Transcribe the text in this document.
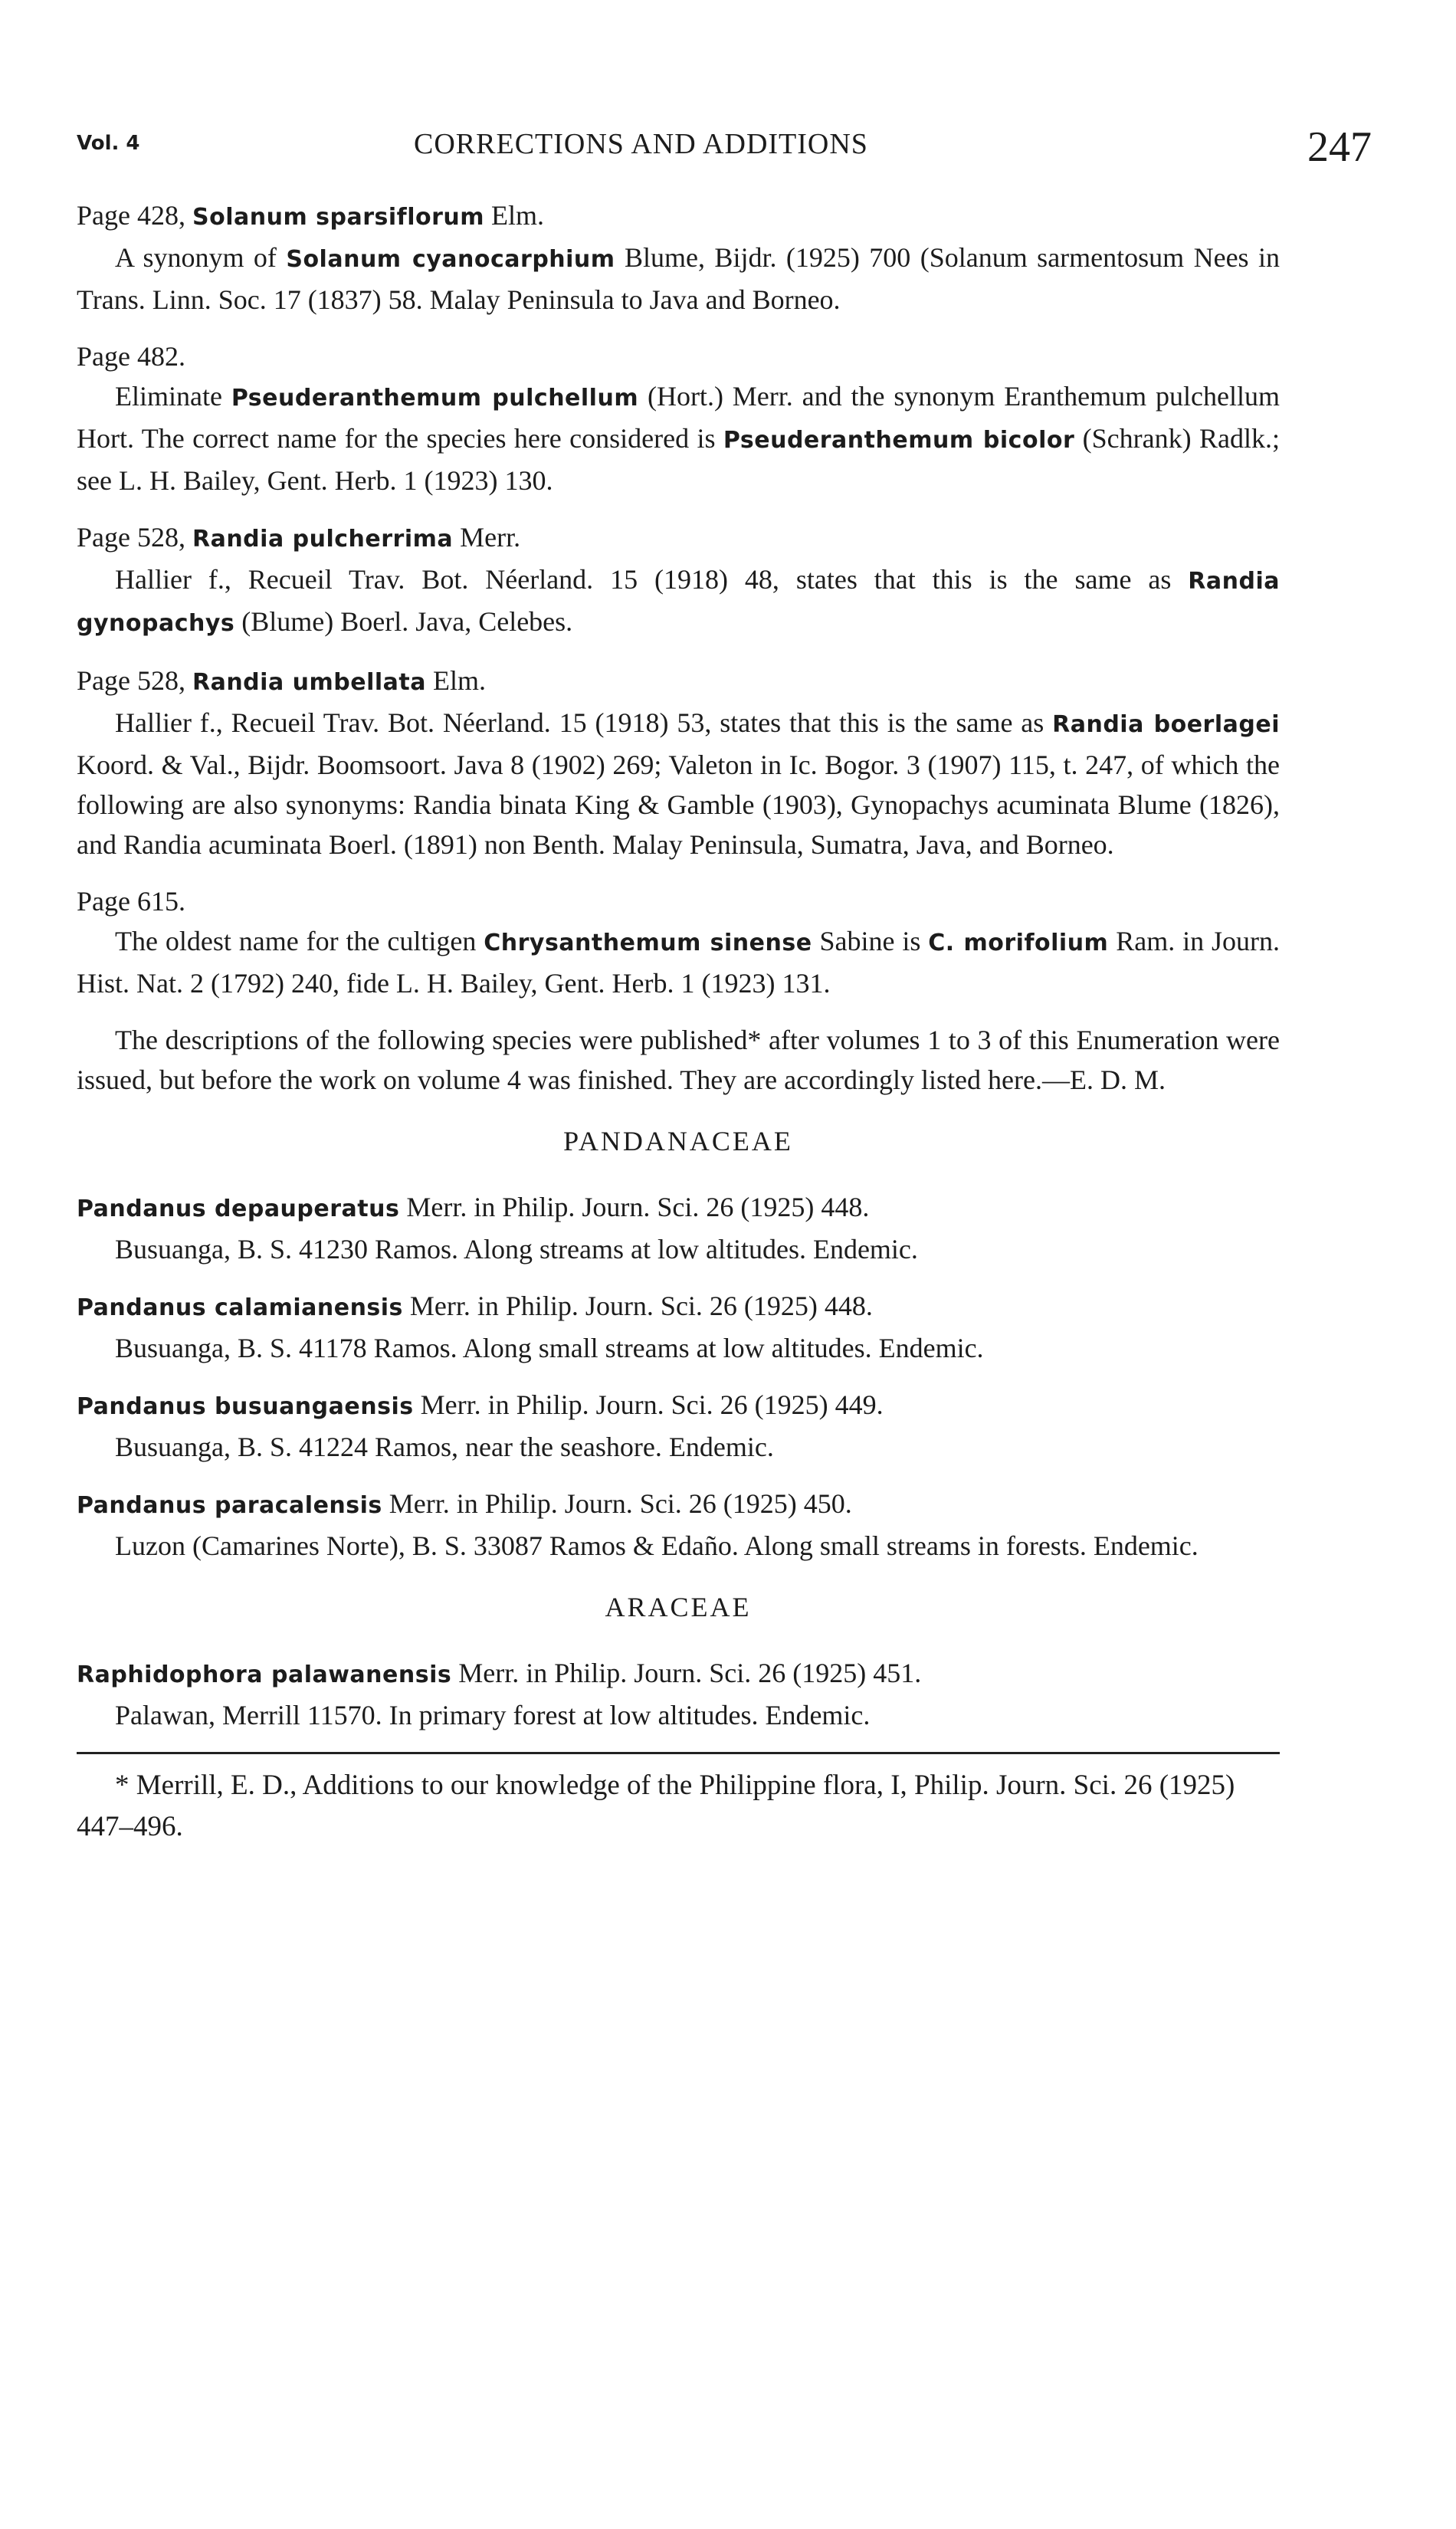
Vol. 4	CORRECTIONS AND ADDITIONS	247
Page 428, Solanum sparsiflorum Elm.
A synonym of Solanum cyanocarphium Blume, Bijdr. (1925) 700 (Solanum sarmentosum Nees in Trans. Linn. Soc. 17 (1837) 58. Malay Peninsula to Java and Borneo.
Page 482.
Eliminate Pseuderanthemum pulchellum (Hort.) Merr. and the synonym Eranthemum pulchellum Hort. The correct name for the species here considered is Pseuderanthemum bicolor (Schrank) Radlk.; see L. H. Bailey, Gent. Herb. 1 (1923) 130.
Page 528, Randia pulcherrima Merr.
Hallier f., Recueil Trav. Bot. Néerland. 15 (1918) 48, states that this is the same as Randia gynopachys (Blume) Boerl. Java, Celebes.
Page 528, Randia umbellata Elm.
Hallier f., Recueil Trav. Bot. Néerland. 15 (1918) 53, states that this is the same as Randia boerlagei Koord. & Val., Bijdr. Boomsoort. Java 8 (1902) 269; Valeton in Ic. Bogor. 3 (1907) 115, t. 247, of which the following are also synonyms: Randia binata King & Gamble (1903), Gynopachys acuminata Blume (1826), and Randia acuminata Boerl. (1891) non Benth. Malay Peninsula, Sumatra, Java, and Borneo.
Page 615.
The oldest name for the cultigen Chrysanthemum sinense Sabine is C. morifolium Ram. in Journ. Hist. Nat. 2 (1792) 240, fide L. H. Bailey, Gent. Herb. 1 (1923) 131.
The descriptions of the following species were published* after volumes 1 to 3 of this Enumeration were issued, but before the work on volume 4 was finished. They are accordingly listed here.—E. D. M.
PANDANACEAE
Pandanus depauperatus Merr. in Philip. Journ. Sci. 26 (1925) 448.
Busuanga, B. S. 41230 Ramos. Along streams at low altitudes. Endemic.
Pandanus calamianensis Merr. in Philip. Journ. Sci. 26 (1925) 448.
Busuanga, B. S. 41178 Ramos. Along small streams at low altitudes. Endemic.
Pandanus busuangaensis Merr. in Philip. Journ. Sci. 26 (1925) 449.
Busuanga, B. S. 41224 Ramos, near the seashore. Endemic.
Pandanus paracalensis Merr. in Philip. Journ. Sci. 26 (1925) 450.
Luzon (Camarines Norte), B. S. 33087 Ramos & Edaño. Along small streams in forests. Endemic.
ARACEAE
Raphidophora palawanensis Merr. in Philip. Journ. Sci. 26 (1925) 451.
Palawan, Merrill 11570. In primary forest at low altitudes. Endemic.
* Merrill, E. D., Additions to our knowledge of the Philippine flora, I, Philip. Journ. Sci. 26 (1925) 447–496.
